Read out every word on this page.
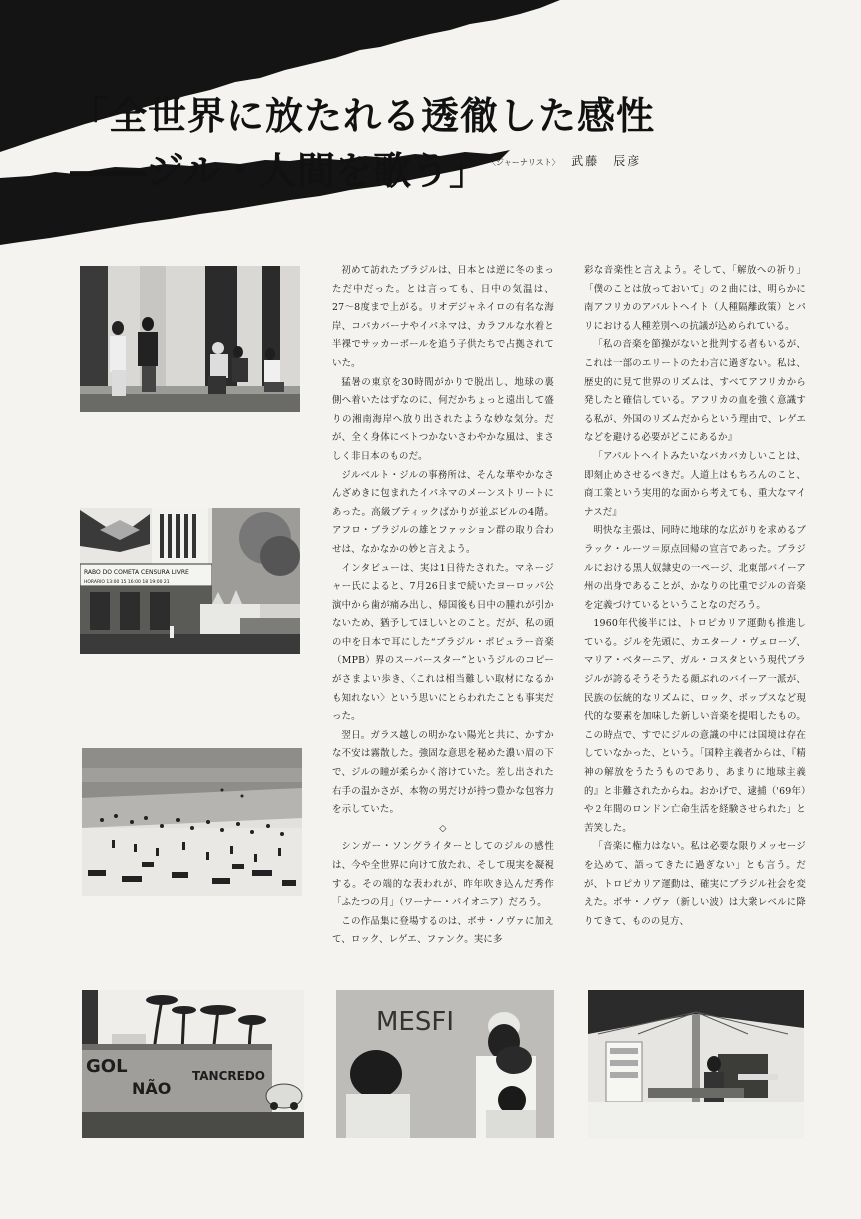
「全世界に放たれる透徹した感性
――ジル・人間を歌う」 〈ジャーナリスト〉 武藤　辰彦
RABO DO COMETA CENSURA LIVRE
HORARIO 13:00 15 16:00 18 19:00 21
GOL
NÃO
TANCREDO
MESFI

初めて訪れたブラジルは、日本とは逆に冬のまっただ中だった。とは言っても、日中の気温は、27〜8度まで上がる。リオデジャネイロの有名な海岸、コパカバーナやイパネマは、カラフルな水着と半裸でサッカーボールを追う子供たちで占拠されていた。

猛暑の東京を30時間がかりで脱出し、地球の裏側へ着いたはずなのに、何だかちょっと遠出して盛りの湘南海岸へ放り出されたような妙な気分。だが、全く身体にベトつかないさわやかな風は、まさしく非日本のものだ。

ジルベルト・ジルの事務所は、そんな華やかなさんざめきに包まれたイパネマのメーンストリートにあった。高級ブティックばかりが並ぶビルの4階。アフロ・ブラジルの雄とファッション群の取り合わせは、なかなかの妙と言えよう。

インタビューは、実は1日待たされた。マネージャー氏によると、7月26日まで続いたヨーロッパ公演中から歯が痛み出し、帰国後も日中の腫れが引かないため、猶予してほしいとのこと。だが、私の頭の中を日本で耳にした“ブラジル・ポピュラー音楽（MPB）界のスーパースター”というジルのコピーがさまよい歩き、〈これは相当難しい取材になるかも知れない〉という思いにとらわれたことも事実だった。

翌日。ガラス越しの明かない陽光と共に、かすかな不安は霧散した。強固な意思を秘めた濃い眉の下で、ジルの瞳が柔らかく溶けていた。差し出された右手の温かさが、本物の男だけが持つ豊かな包容力を示していた。

◇

シンガー・ソングライターとしてのジルの感性は、今や全世界に向けて放たれ、そして現実を凝視する。その端的な表われが、昨年吹き込んだ秀作「ふたつの月」（ワーナー・パイオニア）だろう。

この作品集に登場するのは、ボサ・ノヴァに加えて、ロック、レゲエ、ファンク。実に多

彩な音楽性と言えよう。そして、「解放への祈り」「僕のことは放っておいて」の２曲には、明らかに南アフリカのアパルトヘイト（人種隔離政策）とパリにおける人種差別への抗議が込められている。

「私の音楽を節操がないと批判する者もいるが、これは一部のエリートのたわ言に過ぎない。私は、歴史的に見て世界のリズムは、すべてアフリカから発したと確信している。アフリカの血を強く意識する私が、外国のリズムだからという理由で、レゲエなどを避ける必要がどこにあるか』

「アパルトヘイトみたいなバカバカしいことは、即刻止めさせるべきだ。人道上はもちろんのこと、商工業という実用的な面から考えても、重大なマイナスだ』

明快な主張は、同時に地球的な広がりを求めるブラック・ルーツ＝原点回帰の宣言であった。ブラジルにおける黒人奴隷史の一ページ、北東部バイーア州の出身であることが、かなりの比重でジルの音楽を定義づけているということなのだろう。

1960年代後半には、トロピカリア運動も推進している。ジルを先頭に、カエターノ・ヴェローゾ、マリア・ベターニア、ガル・コスタという現代ブラジルが誇るそうそうたる顔ぶれのバイーア一派が、民族の伝統的なリズムに、ロック、ポップスなど現代的な要素を加味した新しい音楽を提唱したもの。この時点で、すでにジルの意識の中には国境は存在していなかった、という。「国粋主義者からは、『精神の解放をうたうものであり、あまりに地球主義的』と非難されたからね。おかげで、逮捕（'69年）や２年間のロンドン亡命生活を経験させられた」と苦笑した。

「音楽に権力はない。私は必要な限りメッセージを込めて、語ってきたに過ぎない」とも言う。だが、トロピカリア運動は、確実にブラジル社会を変えた。ボサ・ノヴァ（新しい波）は大衆レベルに降りてきて、ものの見方、
